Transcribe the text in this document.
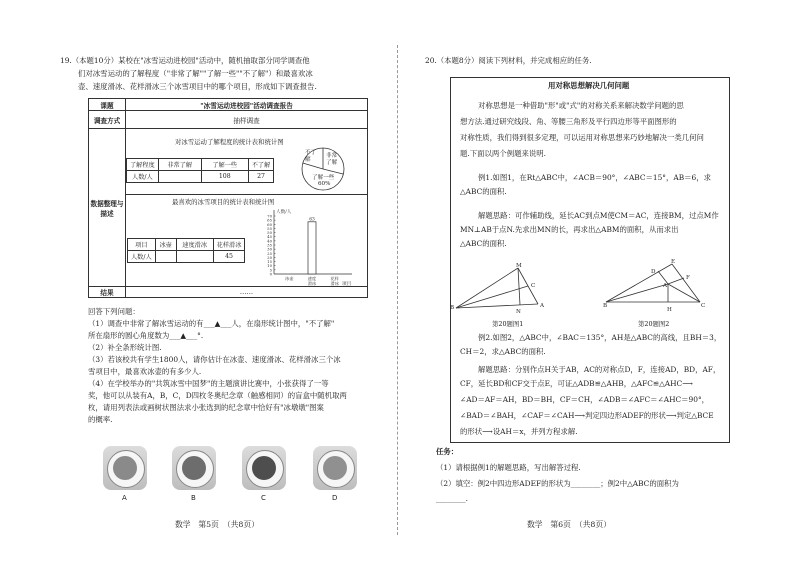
19.（本题10分）某校在"冰雪运动进校园"活动中，随机抽取部分同学调查他
们对冰雪运动的了解程度（"非常了解""了解一些""不了解"）和最喜欢冰
壶、速度滑冰、花样滑冰三个冰雪项目中的哪个项目，形成如下调查报告.
课题	"冰雪运动进校园"活动调查报告
调查方式	抽样调查
数据整理与描述	
结果	……
对冰雪运动了解程度的统计表和统计图
了解程度	非常了解	了解一些	不了解
人数/人		108	27
不了解
非常了解
了解一些
60%
最喜欢的冰雪项目的统计表和统计图
项目	冰壶	速度滑冰	花样滑冰
人数/人			45
人数/人
项目
70
65
60
55
50
45
40
35
30
25
20
15
10
5
0
冰壶	速度滑冰
63
花样滑冰
回答下列问题：
（1）调查中非常了解冰雪运动的有___▲___人，在扇形统计图中，"不了解"
所在扇形的圆心角度数为___▲___°.
（2）补全条形统计图.
（3）若该校共有学生1800人，请你估计在冰壶、速度滑冰、花样滑冰三个冰
雪项目中，最喜欢冰壶的有多少人.
（4）在学校举办的"共筑冰雪中国梦"的主题演讲比赛中，小张获得了一等
奖，他可以从装有A，B，C，D四枚冬奥纪念章（触感相同）的盲盒中随机取两
枚，请用列表法或画树状图法求小张选到的纪念章中恰好有"冰墩墩"图案
的概率.
A	B	C	D
数学　第5页　（共8页）
20.（本题8分）阅读下列材料，并完成相应的任务.
用对称思想解决几何问题
对称思想是一种借助"形"或"式"的对称关系来解决数学问题的思
想方法.通过研究线段、角、等腰三角形及平行四边形等平面图形的
对称性质，我们得到很多定理，可以运用对称思想来巧妙地解决一类几何问
题.下面以两个例题来说明.
例1.如图1，在Rt△ABC中，∠ACB＝90°，∠ABC＝15°，AB＝6，求
△ABC的面积.
解题思路：可作辅助线，延长AC到点M使CM＝AC，连接BM，过点M作
MN⊥AB于点N.先求出MN的长，再求出△ABM的面积，从而求出
△ABC的面积.
M
C
B
N
A
第20题图1
E
D
F
A
B
H
C
第20题图2
例2.如图2，△ABC中，∠BAC＝135°，AH是△ABC的高线，且BH＝3，
CH＝2，求△ABC的面积.
解题思路：分别作点H关于AB，AC的对称点D，F，连接AD，BD，AF，
CF，延长BD和CF交于点E，可证△ADB≌△AHB，△AFC≌△AHC⟶
∠AD＝AF＝AH，BD＝BH，CF＝CH，∠ADB＝∠AFC＝∠AHC＝90°，
∠BAD＝∠BAH，∠CAF＝∠CAH⟶判定四边形ADEF的形状⟶判定△BCE
的形状⟶设AH＝x，并列方程求解.
任务：
（1）请根据例1的解题思路，写出解答过程.
（2）填空：例2中四边形ADEF的形状为________；例2中△ABC的面积为
________.
数学　第6页　（共8页）
